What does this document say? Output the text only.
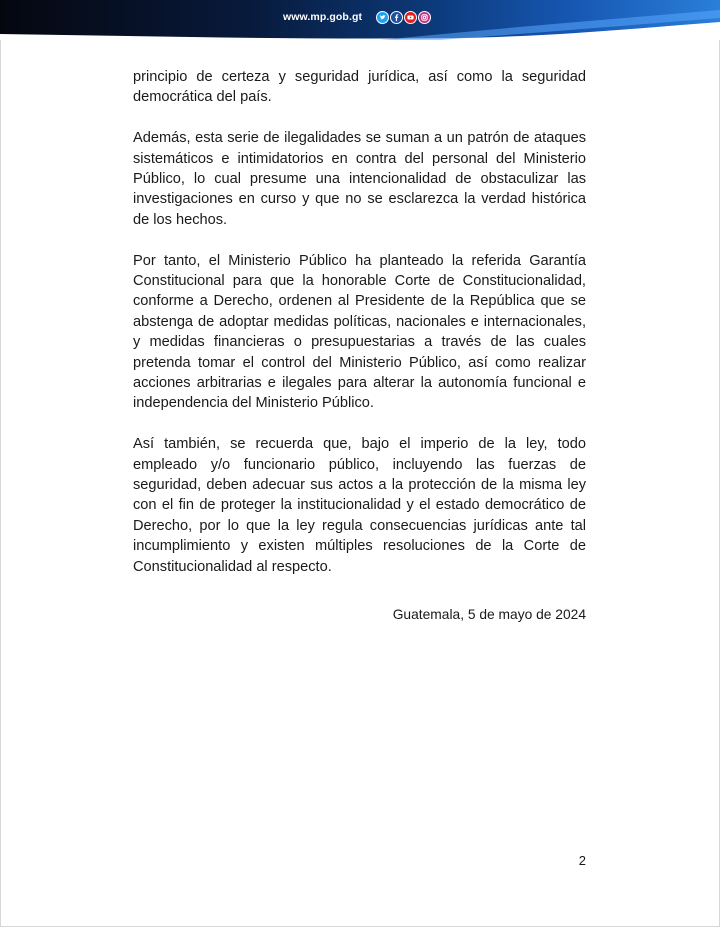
www.mp.gob.gt

principio de certeza y seguridad jurídica, así como la seguridad democrática del país.

Además, esta serie de ilegalidades se suman a un patrón de ataques sistemáticos e intimidatorios en contra del personal del Ministerio Público, lo cual presume una intencionalidad de obstaculizar las investigaciones en curso y que no se esclarezca la verdad histórica de los hechos.

Por tanto, el Ministerio Público ha planteado la referida Garantía Constitucional para que la honorable Corte de Constitucionalidad, conforme a Derecho, ordenen al Presidente de la República que se abstenga de adoptar medidas políticas, nacionales e internacionales, y medidas financieras o presupuestarias a través de las cuales pretenda tomar el control del Ministerio Público, así como realizar acciones arbitrarias e ilegales para alterar la autonomía funcional e independencia del Ministerio Público.

Así también, se recuerda que, bajo el imperio de la ley, todo empleado y/o funcionario público, incluyendo las fuerzas de seguridad, deben adecuar sus actos a la protección de la misma ley con el fin de proteger la institucionalidad y el estado democrático de Derecho, por lo que la ley regula consecuencias jurídicas ante tal incumplimiento y existen múltiples resoluciones de la Corte de Constitucionalidad al respecto.

Guatemala, 5 de mayo de 2024
2
